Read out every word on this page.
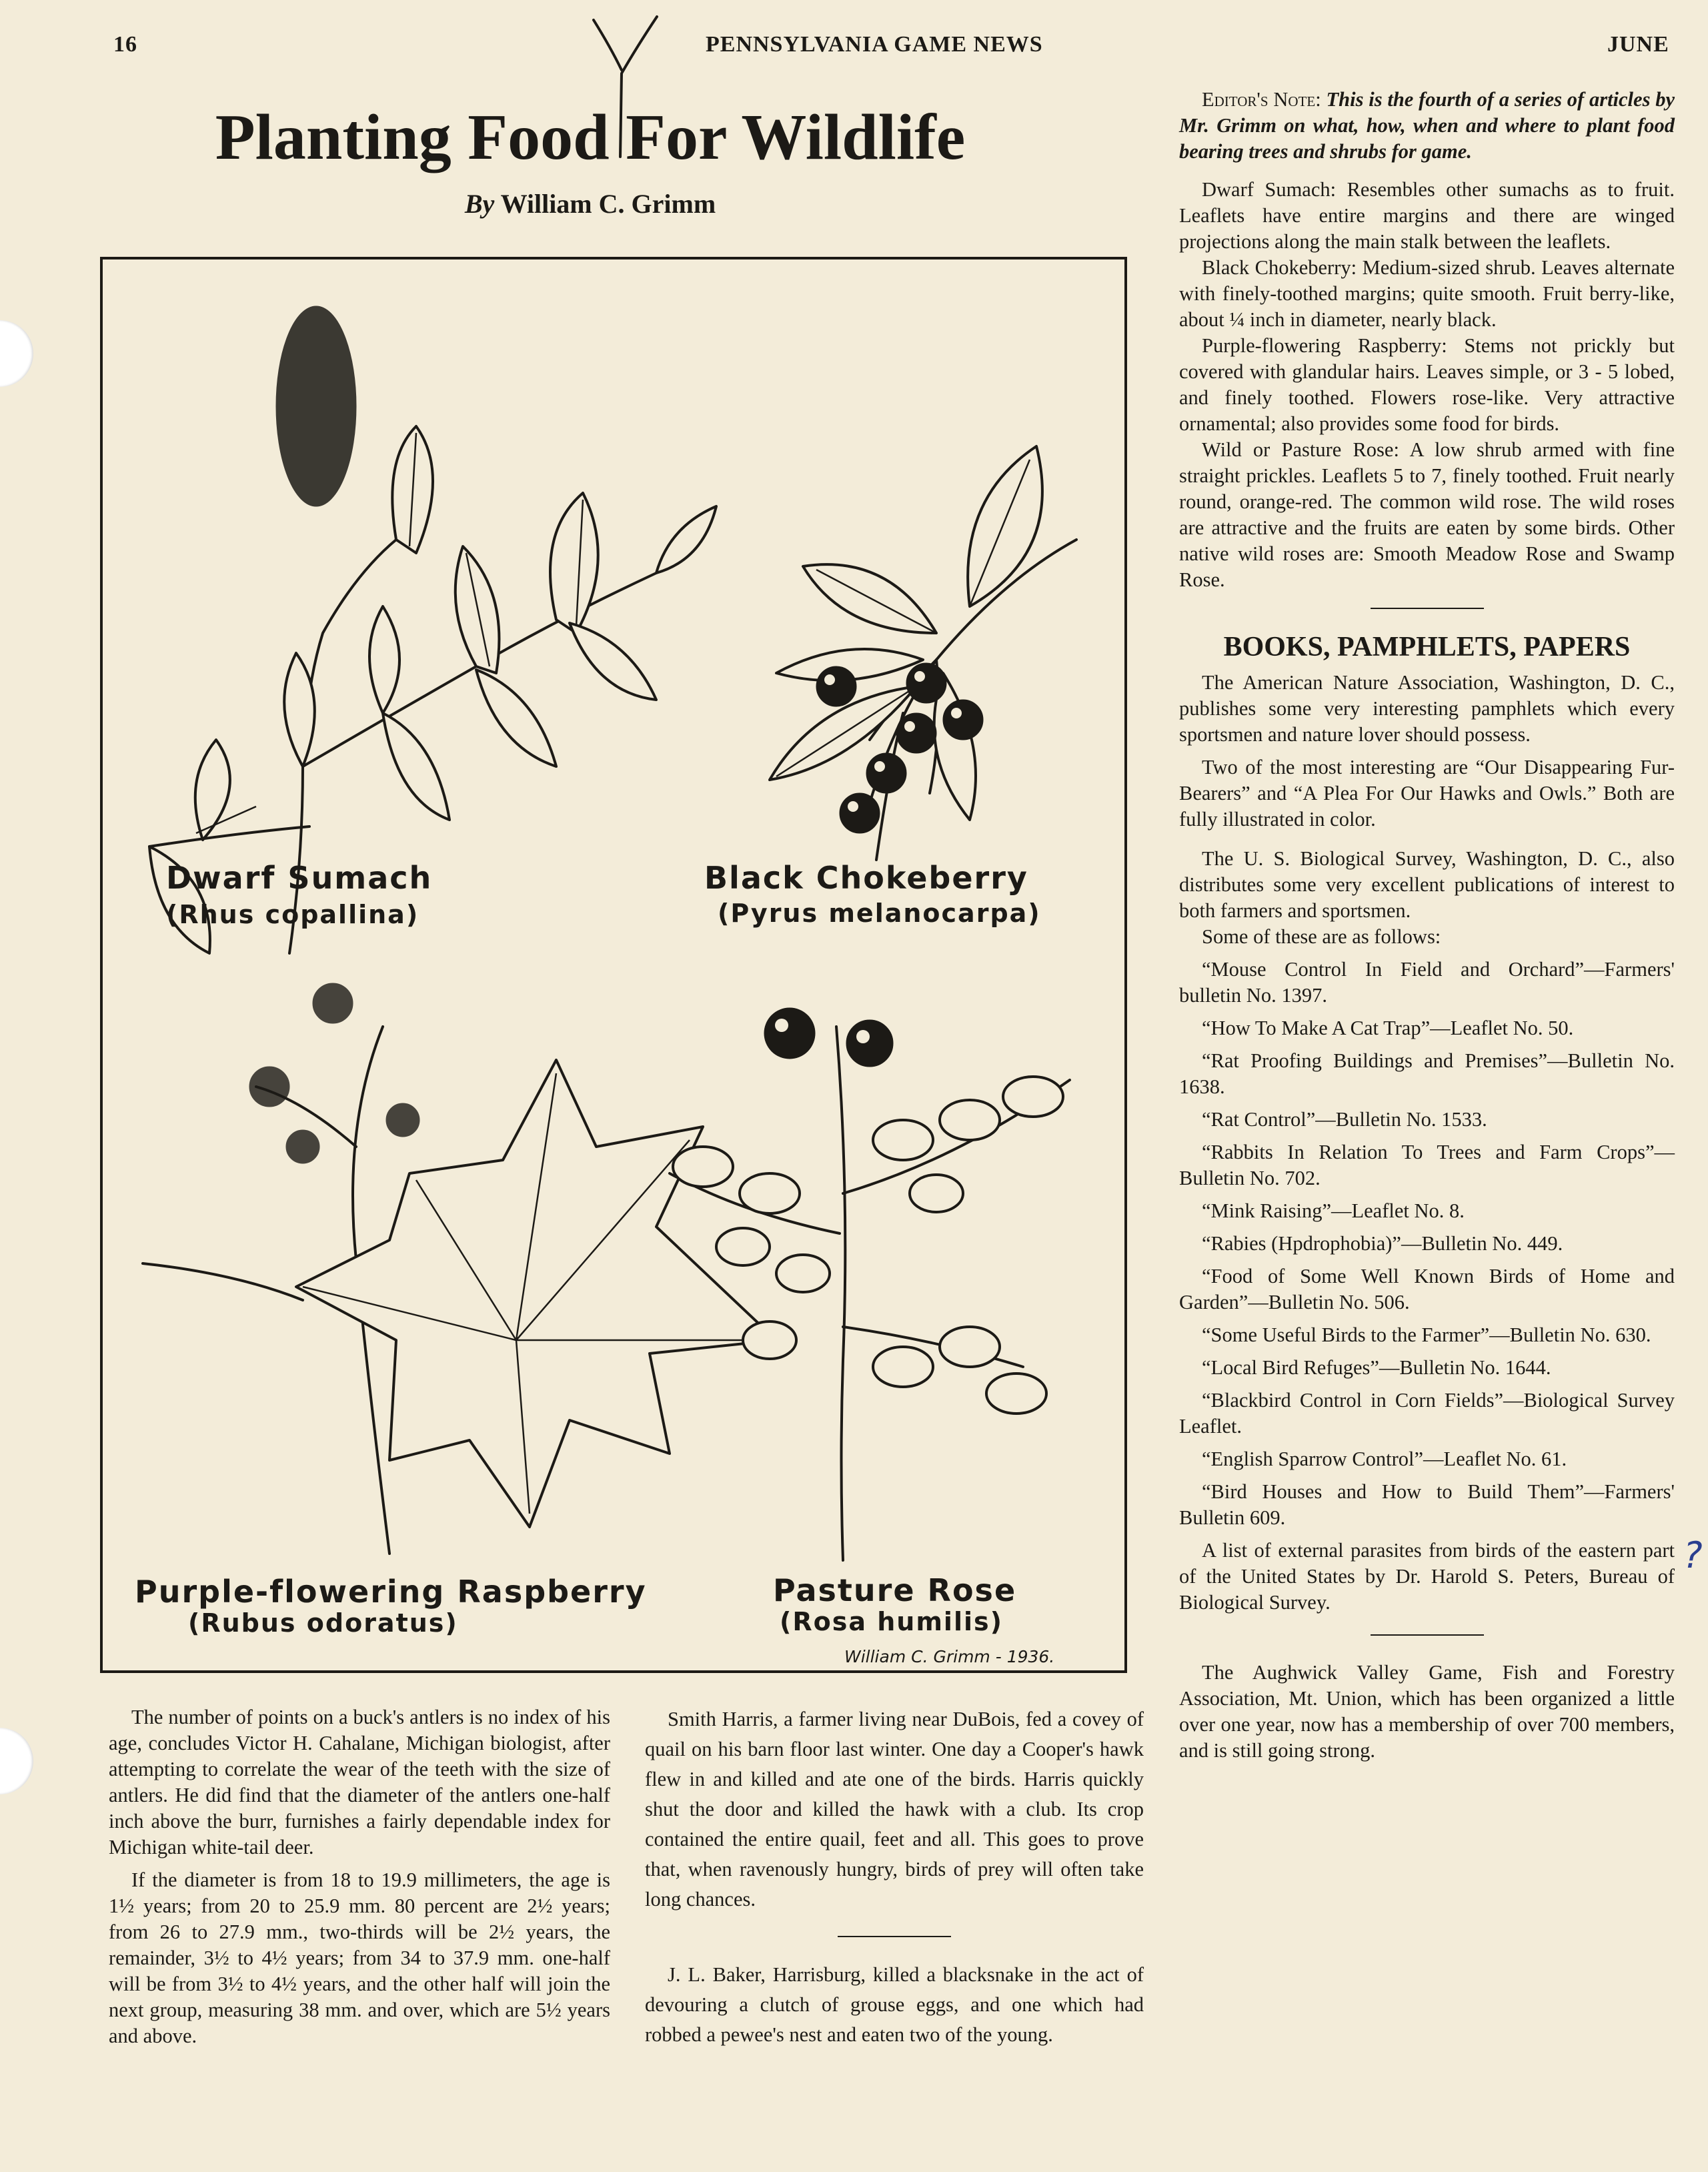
16	PENNSYLVANIA GAME NEWS	JUNE
Planting Food For Wildlife
By William C. Grimm
Dwarf Sumach
(Rhus copallina)
Black Chokeberry
(Pyrus melanocarpa)
Purple-flowering Raspberry
(Rubus odoratus)
Pasture Rose
(Rosa humilis)
William C. Grimm - 1936.

Editor's Note: This is the fourth of a series of articles by Mr. Grimm on what, how, when and where to plant food bearing trees and shrubs for game.

Dwarf Sumach: Resembles other sumachs as to fruit. Leaflets have entire margins and there are winged projections along the main stalk between the leaflets.

Black Chokeberry: Medium-sized shrub. Leaves alternate with finely-toothed margins; quite smooth. Fruit berry-like, about ¼ inch in diameter, nearly black.

Purple-flowering Raspberry: Stems not prickly but covered with glandular hairs. Leaves simple, or 3 - 5 lobed, and finely toothed. Flowers rose-like. Very attractive ornamental; also provides some food for birds.

Wild or Pasture Rose: A low shrub armed with fine straight prickles. Leaflets 5 to 7, finely toothed. Fruit nearly round, orange-red. The common wild rose. The wild roses are attractive and the fruits are eaten by some birds. Other native wild roses are: Smooth Meadow Rose and Swamp Rose.

BOOKS, PAMPHLETS, PAPERS

The American Nature Association, Washington, D. C., publishes some very interesting pamphlets which every sportsmen and nature lover should possess.

Two of the most interesting are “Our Disappearing Fur-Bearers” and “A Plea For Our Hawks and Owls.” Both are fully illustrated in color.

The U. S. Biological Survey, Washington, D. C., also distributes some very excellent publications of interest to both farmers and sportsmen.

Some of these are as follows:

“Mouse Control In Field and Orchard”—Farmers' bulletin No. 1397.

“How To Make A Cat Trap”—Leaflet No. 50.

“Rat Proofing Buildings and Premises”—Bulletin No. 1638.

“Rat Control”—Bulletin No. 1533.

“Rabbits In Relation To Trees and Farm Crops”—Bulletin No. 702.

“Mink Raising”—Leaflet No. 8.

“Rabies (Hpdrophobia)”—Bulletin No. 449.

“Food of Some Well Known Birds of Home and Garden”—Bulletin No. 506.

“Some Useful Birds to the Farmer”—Bulletin No. 630.

“Local Bird Refuges”—Bulletin No. 1644.

“Blackbird Control in Corn Fields”—Biological Survey Leaflet.

“English Sparrow Control”—Leaflet No. 61.

“Bird Houses and How to Build Them”—Farmers' Bulletin 609.

A list of external parasites from birds of the eastern part of the United States by Dr. Harold S. Peters, Bureau of Biological Survey.

The Aughwick Valley Game, Fish and Forestry Association, Mt. Union, which has been organized a little over one year, now has a membership of over 700 members, and is still going strong.

?

The number of points on a buck's antlers is no index of his age, concludes Victor H. Cahalane, Michigan biologist, after attempting to correlate the wear of the teeth with the size of antlers. He did find that the diameter of the antlers one-half inch above the burr, furnishes a fairly dependable index for Michigan white-tail deer.

If the diameter is from 18 to 19.9 millimeters, the age is 1½ years; from 20 to 25.9 mm. 80 percent are 2½ years; from 26 to 27.9 mm., two-thirds will be 2½ years, the remainder, 3½ to 4½ years; from 34 to 37.9 mm. one-half will be from 3½ to 4½ years, and the other half will join the next group, measuring 38 mm. and over, which are 5½ years and above.

Smith Harris, a farmer living near DuBois, fed a covey of quail on his barn floor last winter. One day a Cooper's hawk flew in and killed and ate one of the birds. Harris quickly shut the door and killed the hawk with a club. Its crop contained the entire quail, feet and all. This goes to prove that, when ravenously hungry, birds of prey will often take long chances.

J. L. Baker, Harrisburg, killed a blacksnake in the act of devouring a clutch of grouse eggs, and one which had robbed a pewee's nest and eaten two of the young.
